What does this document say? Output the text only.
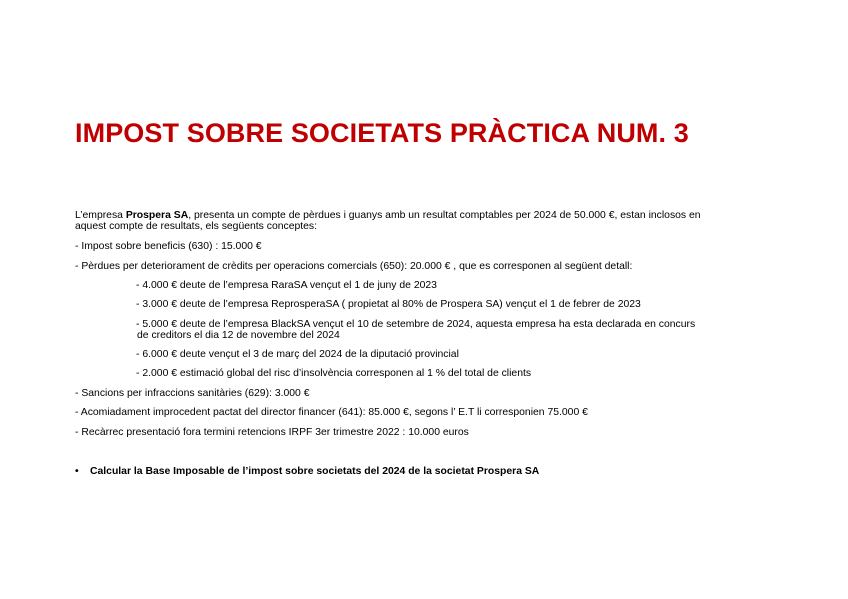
IMPOST SOBRE SOCIETATS PRÀCTICA NUM. 3
L’empresa Prospera SA, presenta un compte de pèrdues i guanys amb un resultat comptables per 2024 de 50.000 €, estan inclosos en
aquest compte de resultats, els següents conceptes:
- Impost sobre beneficis (630) : 15.000 €
- Pèrdues per deteriorament de crèdits per operacions comercials (650): 20.000 € , que es corresponen al següent detall:
- 4.000 € deute de l’empresa RaraSA vençut el 1 de juny de 2023
- 3.000 € deute de l’empresa ReprosperaSA ( propietat al 80% de Prospera SA) vençut el 1 de febrer de 2023
- 5.000 € deute de l’empresa BlackSA vençut el 10 de setembre de 2024, aquesta empresa ha esta declarada en concurs
de creditors el dia 12 de novembre del 2024
- 6.000 € deute vençut el 3 de març del 2024 de la diputació provincial
- 2.000 € estimació global del risc d’insolvència corresponen al 1 % del total de clients
- Sancions per infraccions sanitàries (629): 3.000 €
- Acomiadament improcedent pactat del director financer (641): 85.000 €, segons l’ E.T li corresponien 75.000 €
- Recàrrec presentació fora termini retencions IRPF 3er trimestre 2022 : 10.000 euros
• Calcular la Base Imposable de l’impost sobre societats del 2024 de la societat Prospera SA
